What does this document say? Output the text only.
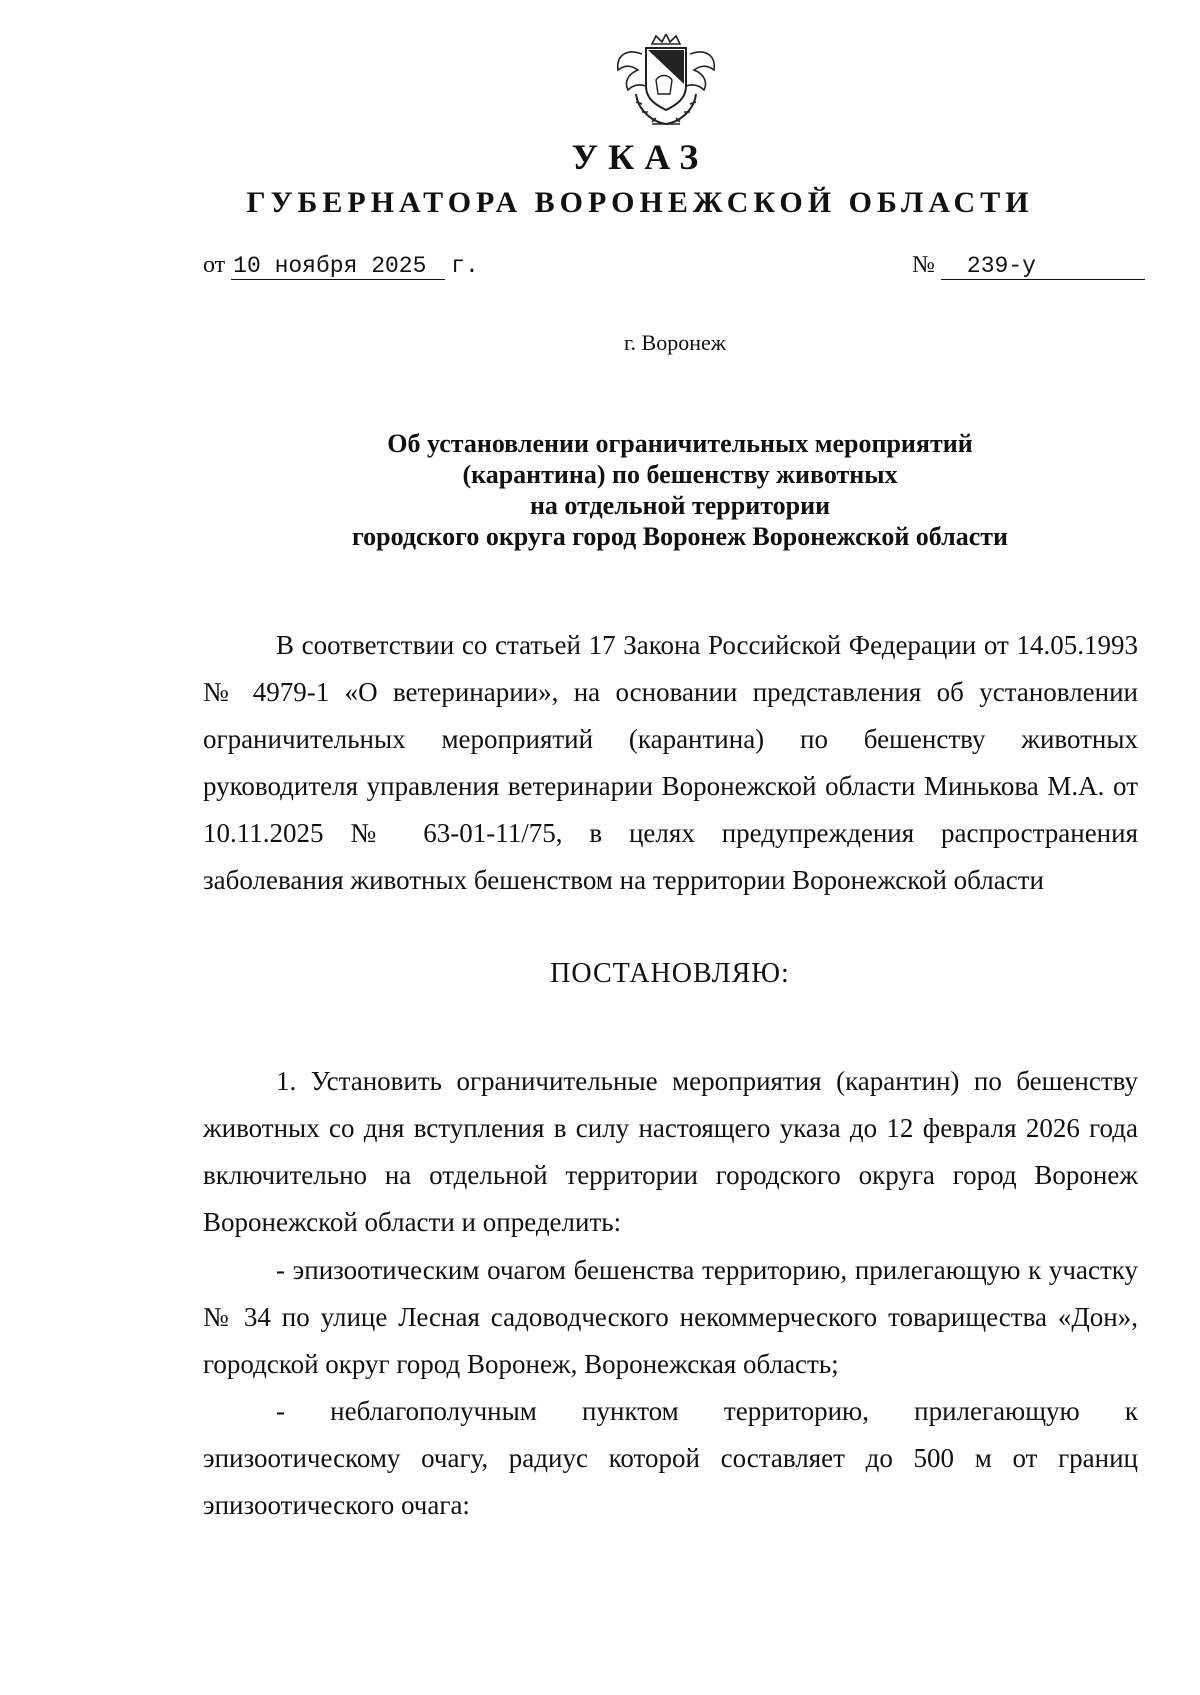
УКАЗ
ГУБЕРНАТОРА ВОРОНЕЖСКОЙ ОБЛАСТИ
от 10 ноября 2025 г.	№ 239-у
г. Воронеж
Об установлении ограничительных мероприятий
(карантина) по бешенству животных
на отдельной территории
городского округа город Воронеж Воронежской области
В соответствии со статьей 17 Закона Российской Федерации от 14.05.1993 № 4979-1 «О ветеринарии», на основании представления об установлении ограничительных мероприятий (карантина) по бешенству животных руководителя управления ветеринарии Воронежской области Минькова М.А. от 10.11.2025 № 63-01-11/75, в целях предупреждения распространения заболевания животных бешенством на территории Воронежской области
ПОСТАНОВЛЯЮ:
1. Установить ограничительные мероприятия (карантин) по бешенству животных со дня вступления в силу настоящего указа до 12 февраля 2026 года включительно на отдельной территории городского округа город Воронеж Воронежской области и определить:
- эпизоотическим очагом бешенства территорию, прилегающую к участку № 34 по улице Лесная садоводческого некоммерческого товарищества «Дон», городской округ город Воронеж, Воронежская область;
- неблагополучным пунктом территорию, прилегающую к эпизоотическому очагу, радиус которой составляет до 500 м от границ эпизоотического очага:
